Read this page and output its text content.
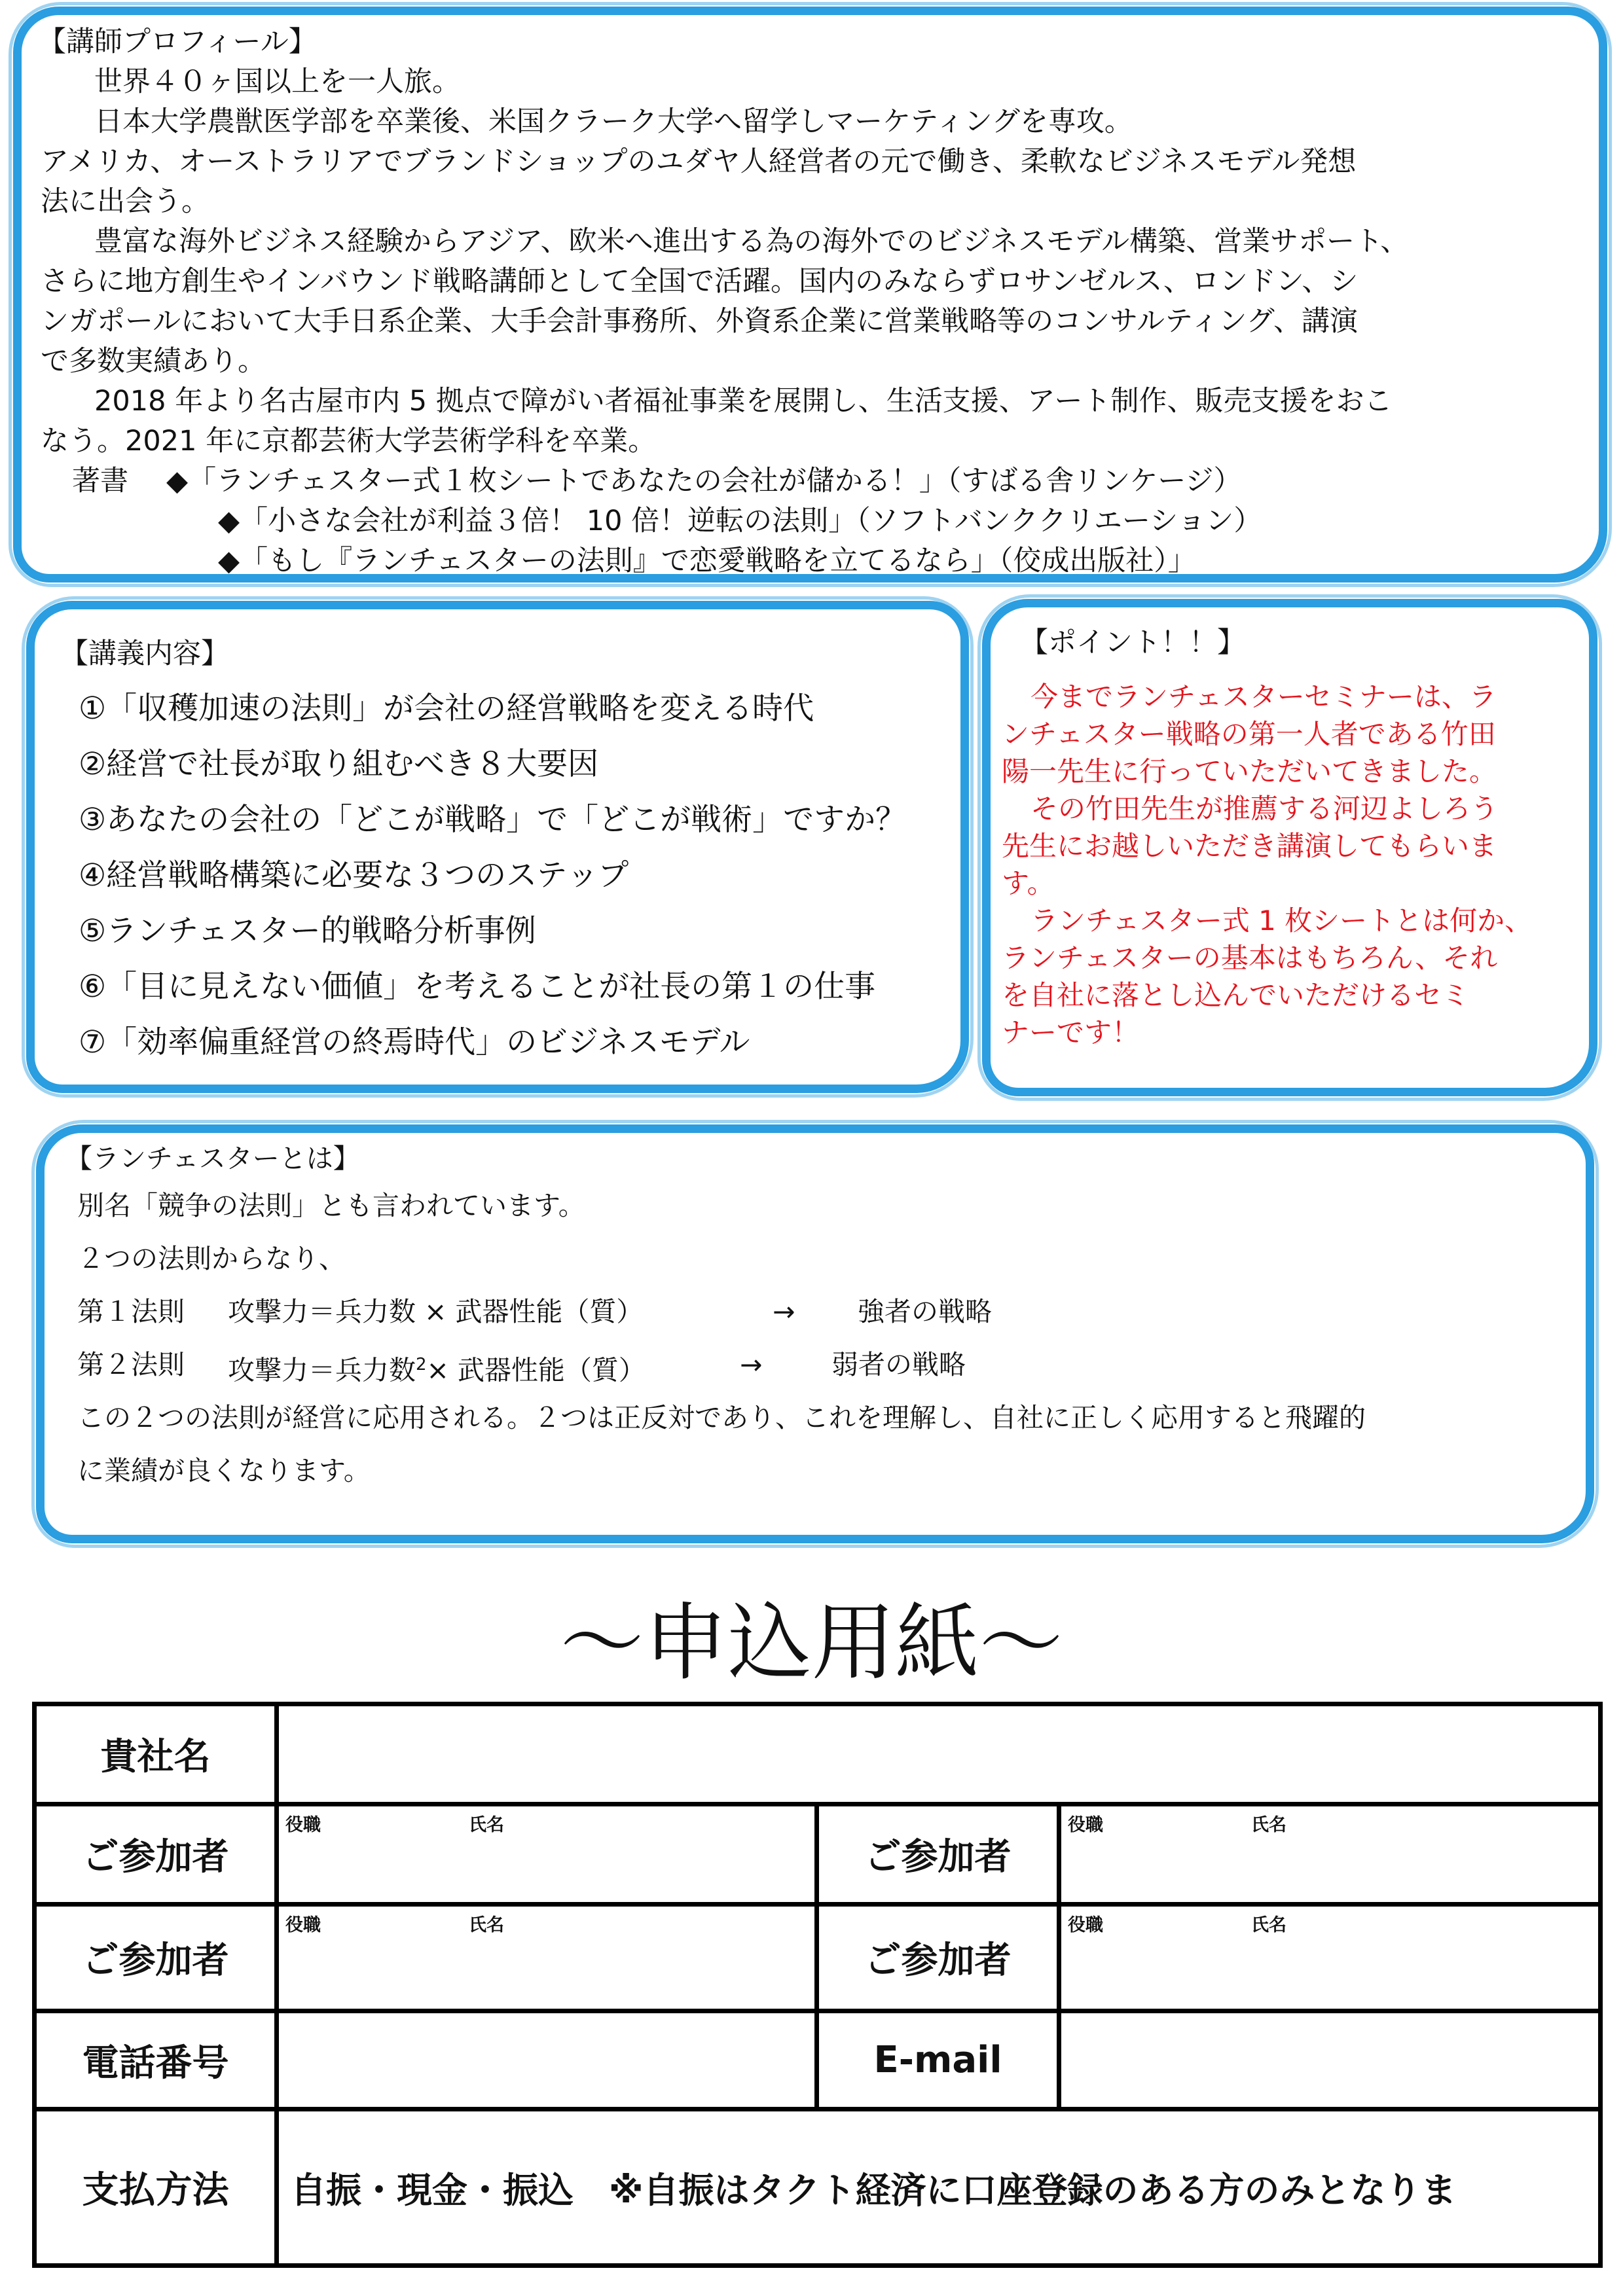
【講師プロフィール】
世界４０ヶ国以上を一人旅。
日本大学農獣医学部を卒業後、米国クラーク大学へ留学しマーケティングを専攻。
アメリカ、オーストラリアでブランドショップのユダヤ人経営者の元で働き、柔軟なビジネスモデル発想
法に出会う。
豊富な海外ビジネス経験からアジア、欧米へ進出する為の海外でのビジネスモデル構築、営業サポート、
さらに地方創生やインバウンド戦略講師として全国で活躍。国内のみならずロサンゼルス、ロンドン、シ
ンガポールにおいて大手日系企業、大手会計事務所、外資系企業に営業戦略等のコンサルティング、講演
で多数実績あり。
2018 年より名古屋市内 5 拠点で障がい者福祉事業を展開し、生活支援、アート制作、販売支援をおこ
なう。2021 年に京都芸術大学芸術学科を卒業。
著書 ◆「ランチェスター式１枚シートであなたの会社が儲かる！」（すばる舎リンケージ）
◆「小さな会社が利益３倍！ 10 倍！逆転の法則」（ソフトバンククリエーション）
◆「もし『ランチェスターの法則』で恋愛戦略を立てるなら」（佼成出版社）」
【講義内容】
①「収穫加速の法則」が会社の経営戦略を変える時代
②経営で社長が取り組むべき８大要因
③あなたの会社の「どこが戦略」で「どこが戦術」ですか？
④経営戦略構築に必要な３つのステップ
⑤ランチェスター的戦略分析事例
⑥「目に見えない価値」を考えることが社長の第１の仕事
⑦「効率偏重経営の終焉時代」のビジネスモデル
【ポイント！！】
今までランチェスターセミナーは、ラ
ンチェスター戦略の第一人者である竹田
陽一先生に行っていただいてきました。
その竹田先生が推薦する河辺よしろう
先生にお越しいただき講演してもらいま
す。
ランチェスター式 1 枚シートとは何か、
ランチェスターの基本はもちろん、それ
を自社に落とし込んでいただけるセミ
ナーです！
【ランチェスターとは】
別名「競争の法則」とも言われています。
２つの法則からなり、
第１法則 攻撃力＝兵力数 × 武器性能（質）	→ 強者の戦略
第２法則 攻撃力＝兵力数$^2$× 武器性能（質）	→	弱者の戦略
この２つの法則が経営に応用される。２つは正反対であり、これを理解し、自社に正しく応用すると飛躍的
に業績が良くなります。
～申込用紙～
貴社名			
ご参加者	役職 氏名	ご参加者	役職 氏名

ご参加者	役職 氏名	ご参加者	役職 氏名

電話番号		E-mail	
支払方法	自振・現金・振込　※自振はタクト経済に口座登録のある方のみとなりま		
